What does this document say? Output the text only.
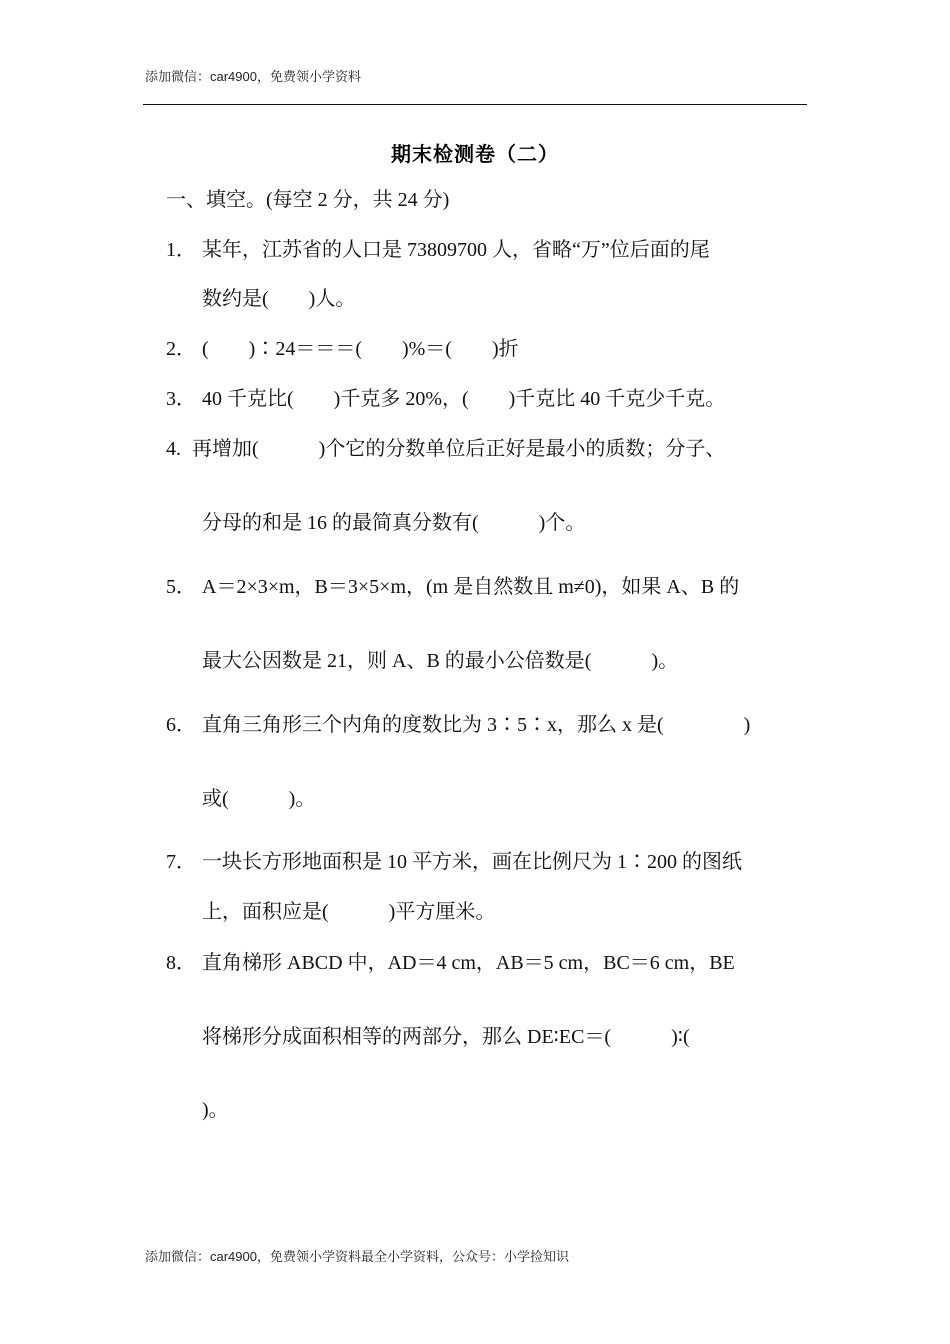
添加微信：car4900，免费领小学资料
期末检测卷（二）
一、填空。(每空 2 分，共 24 分)
1． 某年，江苏省的人口是 73809700 人，省略“万”位后面的尾
数约是(　　)人。
2． (　　)∶24＝＝＝(　　)%＝(　　)折
3． 40 千克比(　　)千克多 20%，(　　)千克比 40 千克少千克。
4. 再增加(　　　)个它的分数单位后正好是最小的质数；分子、
分母的和是 16 的最简真分数有(　　　)个。
5． A＝2×3×m，B＝3×5×m，(m 是自然数且 m≠0)，如果 A、B 的
最大公因数是 21，则 A、B 的最小公倍数是(　　　)。
6． 直角三角形三个内角的度数比为 3∶5∶x，那么 x 是(　　　　)
或(　　　)。
7． 一块长方形地面积是 10 平方米，画在比例尺为 1∶200 的图纸
上，面积应是(　　　)平方厘米。
8． 直角梯形 ABCD 中，AD＝4 cm，AB＝5 cm，BC＝6 cm，BE
将梯形分成面积相等的两部分，那么 DE∶EC＝(　　　)∶(
)。
添加微信：car4900，免费领小学资料最全小学资料，公众号：小学捡知识
